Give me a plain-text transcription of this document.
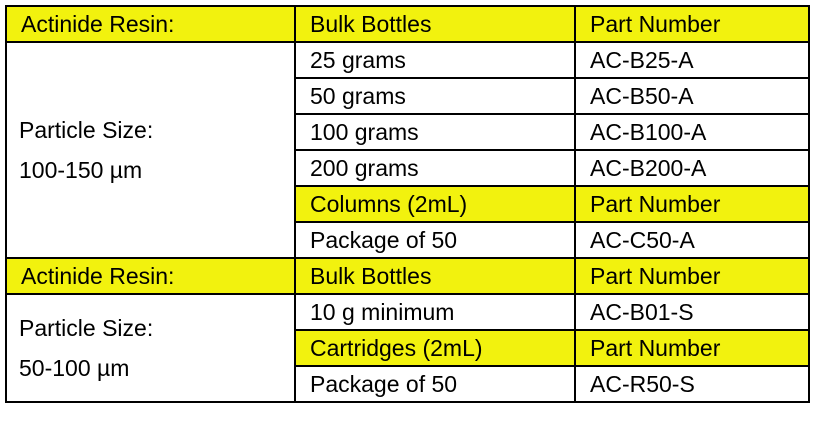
Actinide Resin:	Bulk Bottles	Part Number

Particle Size:
100-150 µm	25 grams	AC-B25-A
	50 grams	AC-B50-A
	100 grams	AC-B100-A
	200 grams	AC-B200-A
	Columns (2mL)	Part Number
	Package of 50	AC-C50-A
Actinide Resin:	Bulk Bottles	Part Number

Particle Size:
50-100 µm	10 g minimum	AC-B01-S
	Cartridges (2mL)	Part Number
	Package of 50	AC-R50-S
